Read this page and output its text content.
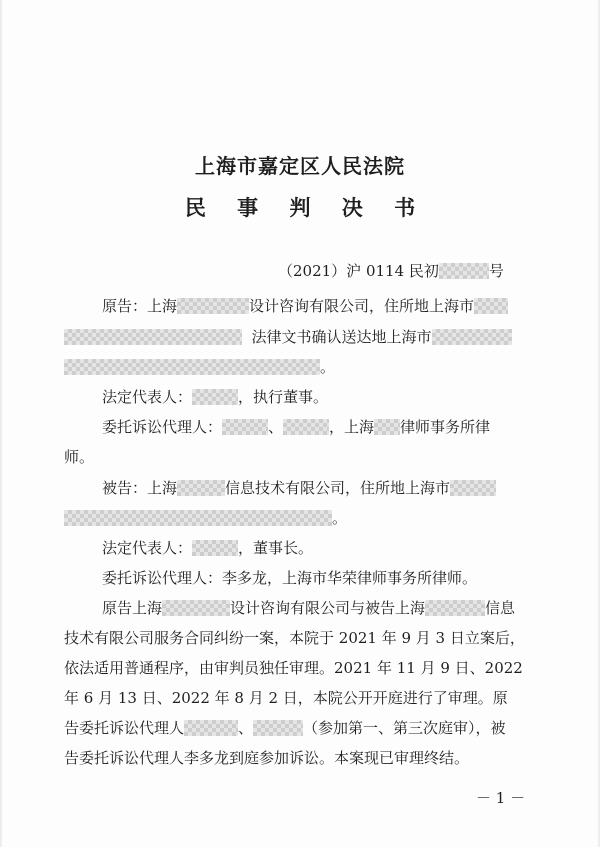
上海市嘉定区人民法院
民 事 判 决 书
（2021）沪 0114 民初	号
原告：上海	设计咨询有限公司，住所地上海市
法律文书确认送达地上海市
。
法定代表人：	，执行董事。
委托诉讼代理人：	、	，上海 律师事务所律
师。
被告：上海	信息技术有限公司，住所地上海市
。
法定代表人：	，董事长。
委托诉讼代理人：李多龙，上海市华荣律师事务所律师。
原告上海	设计咨询有限公司与被告上海	信息
技术有限公司服务合同纠纷一案，本院于 2021 年 9 月 3 日立案后，
依法适用普通程序，由审判员独任审理。2021 年 11 月 9 日、2022
年 6 月 13 日、2022 年 8 月 2 日，本院公开开庭进行了审理。原
告委托诉讼代理人	、	（参加第一、第三次庭审），被
告委托诉讼代理人李多龙到庭参加诉讼。本案现已审理终结。
－ 1 －
